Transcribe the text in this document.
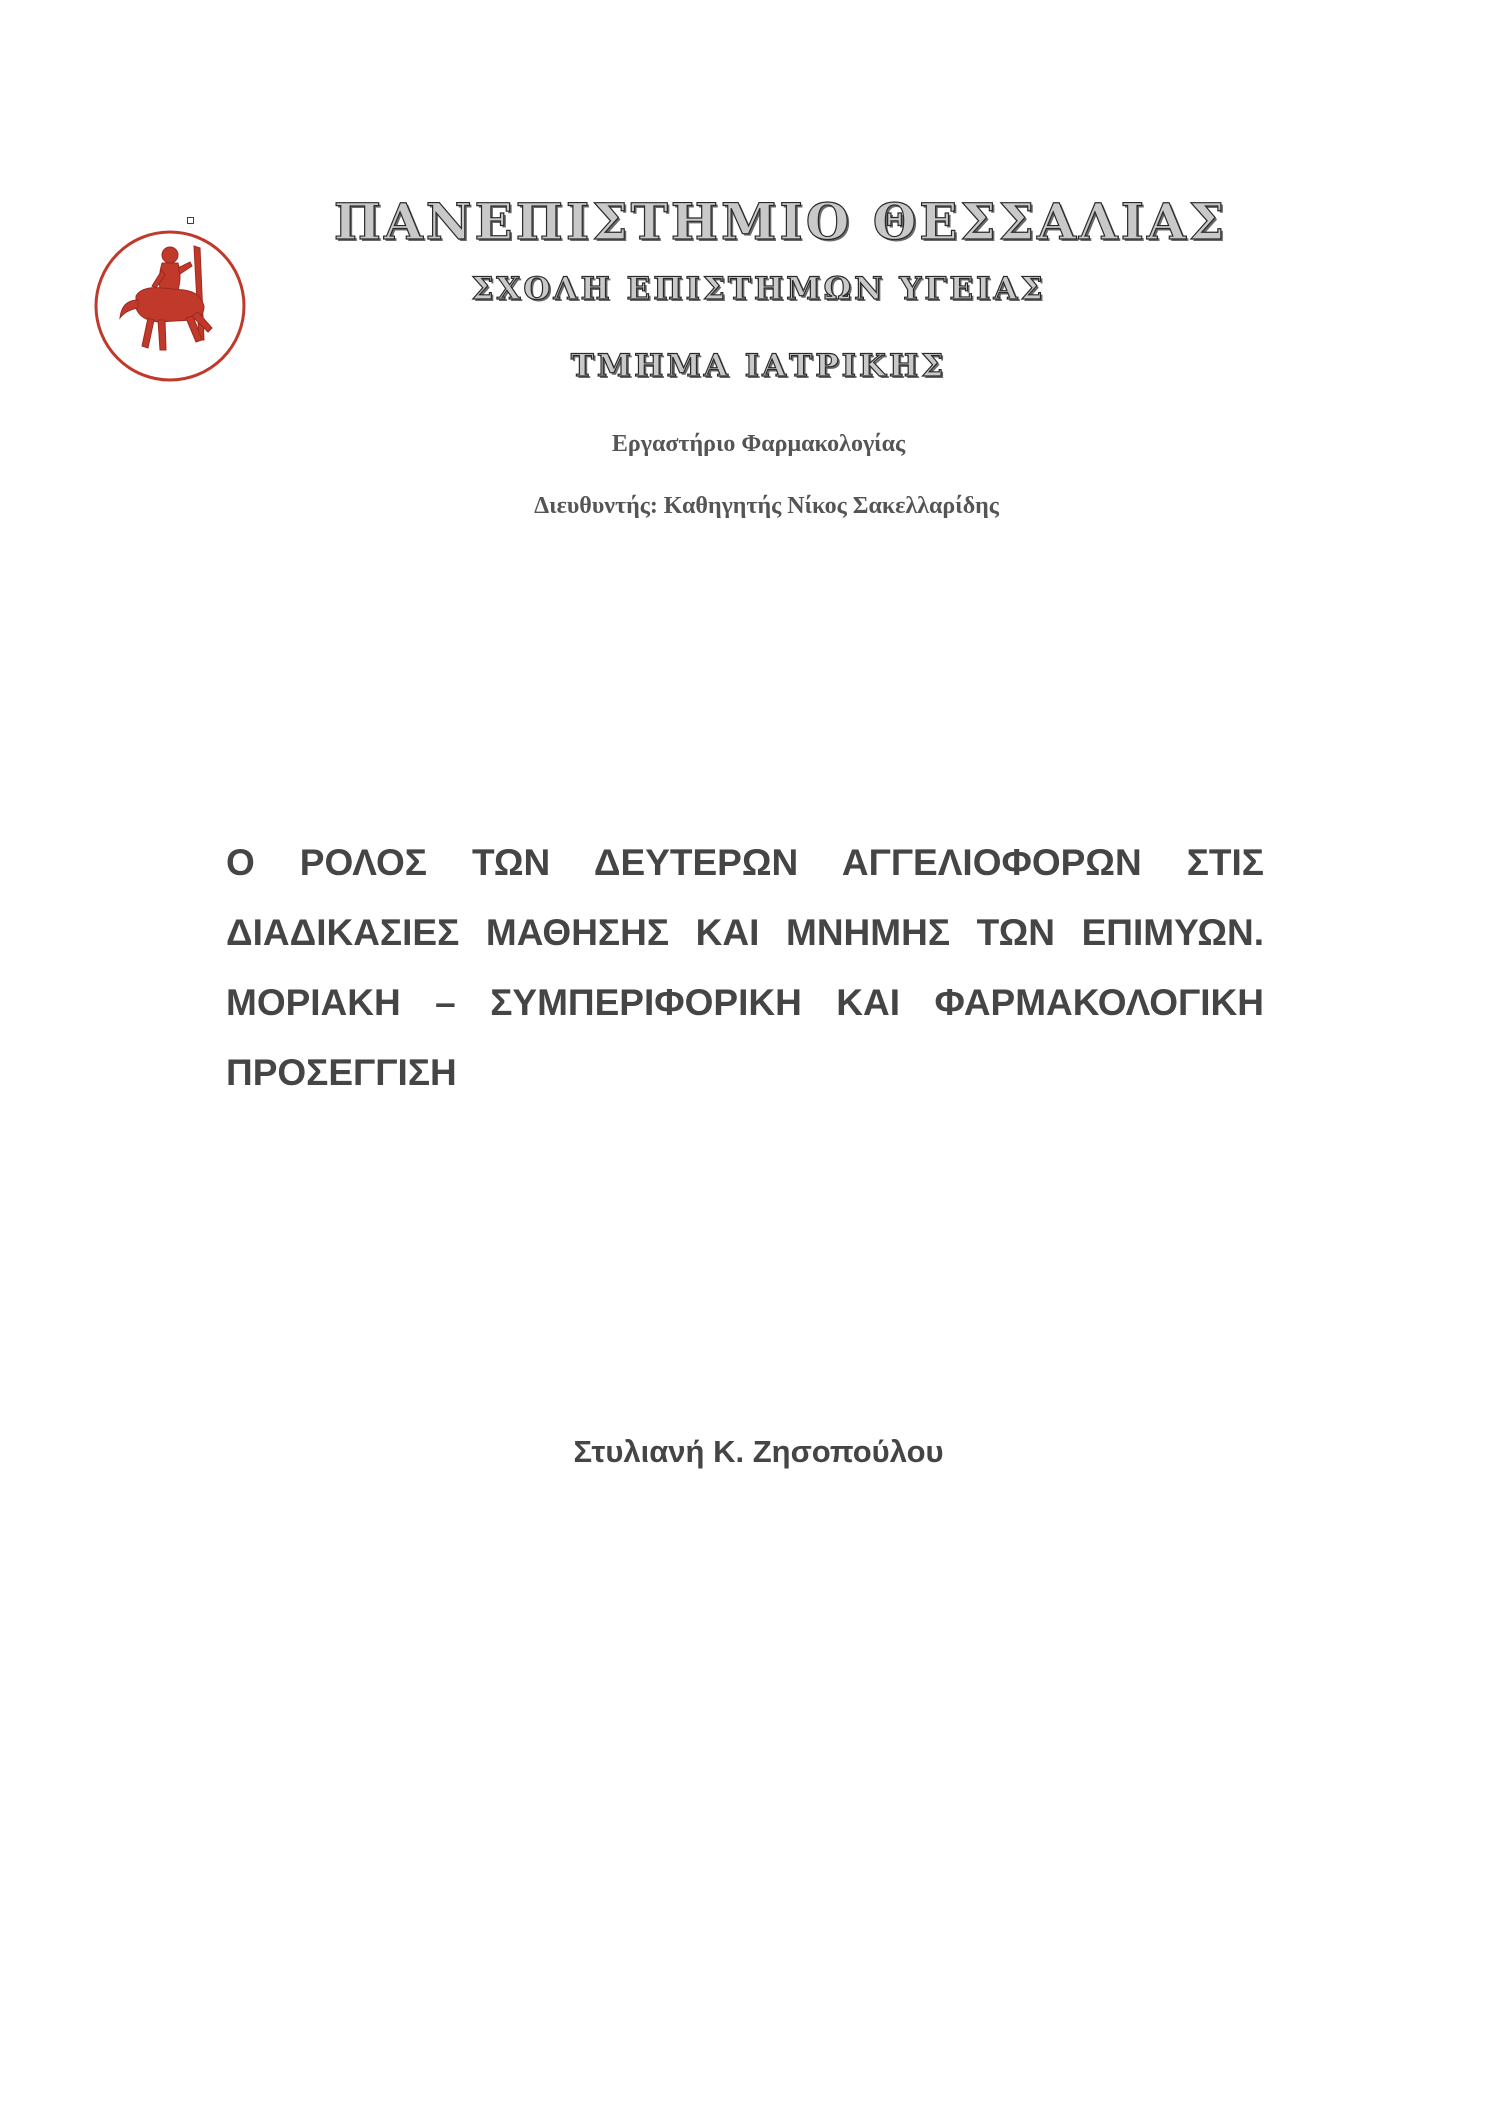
ΠΑΝΕΠΙΣΤΗΜΙΟ ΘΕΣΣΑΛΙΑΣ
ΣΧΟΛΗ ΕΠΙΣΤΗΜΩΝ ΥΓΕΙΑΣ
ΤΜΗΜΑ ΙΑΤΡΙΚΗΣ
Εργαστήριο Φαρμακολογίας
Διευθυντής: Καθηγητής Νίκος Σακελλαρίδης
Ο ΡΟΛΟΣ ΤΩΝ ΔΕΥΤΕΡΩΝ ΑΓΓΕΛΙΟΦΟΡΩΝ ΣΤΙΣ ΔΙΑΔΙΚΑΣΙΕΣ ΜΑΘΗΣΗΣ ΚΑΙ ΜΝΗΜΗΣ ΤΩΝ ΕΠΙΜΥΩΝ. ΜΟΡΙΑΚΗ – ΣΥΜΠΕΡΙΦΟΡΙΚΗ ΚΑΙ ΦΑΡΜΑΚΟΛΟΓΙΚΗ ΠΡΟΣΕΓΓΙΣΗ
Στυλιανή Κ. Ζησοπούλου
